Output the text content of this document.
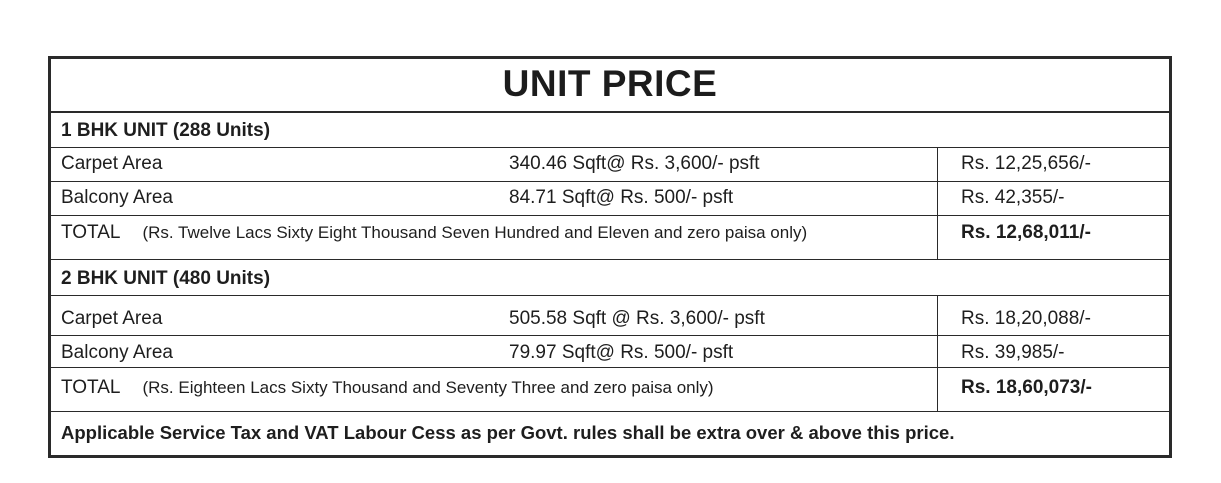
UNIT PRICE
1 BHK UNIT (288 Units)
Carpet Area	340.46 Sqft@ Rs. 3,600/- psft	Rs. 12,25,656/-
Balcony Area	84.71 Sqft@ Rs. 500/- psft	Rs. 42,355/-
TOTAL (Rs. Twelve Lacs Sixty Eight Thousand Seven Hundred and Eleven and zero paisa only)	Rs. 12,68,011/-
2 BHK UNIT (480 Units)
Carpet Area	505.58 Sqft @ Rs. 3,600/- psft	Rs. 18,20,088/-
Balcony Area	79.97 Sqft@ Rs. 500/- psft	Rs. 39,985/-
TOTAL (Rs. Eighteen Lacs Sixty Thousand and Seventy Three and zero paisa only)	Rs. 18,60,073/-
Applicable Service Tax and VAT Labour Cess as per Govt. rules shall be extra over & above this price.
